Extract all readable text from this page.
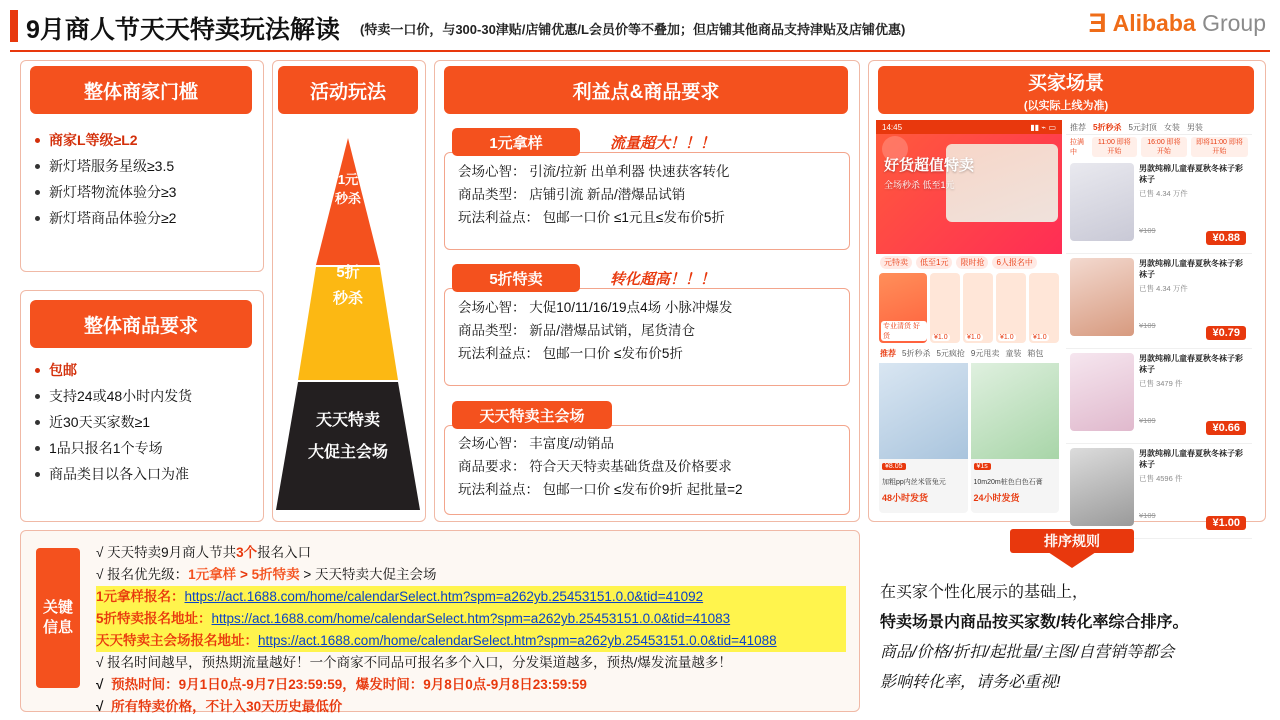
9月商人节天天特卖玩法解读 (特卖一口价，与300-30津贴/店铺优惠/L会员价等不叠加；但店铺其他商品支持津贴及店铺优惠)	Ǝ Alibaba Group
商家L等级≥L2
新灯塔服务星级≥3.5
新灯塔物流体验分≥3
新灯塔商品体验分≥2
整体商家门槛
包邮
支持24或48小时内发货
近30天买家数≥1
1品只报名1个专场
商品类目以各入口为准
整体商品要求
活动玩法
1元
秒杀
5折
秒杀
天天特卖
大促主会场
利益点&商品要求
1元拿样	流量超大！！！
会场心智： 引流/拉新 出单利器 快速获客转化
商品类型： 店铺引流 新品/潜爆品试销
玩法利益点： 包邮一口价 ≤1元且≤发布价5折
5折特卖	转化超高！！！
会场心智： 大促10/11/16/19点4场 小脉冲爆发
商品类型： 新品/潜爆品试销，尾货清仓
玩法利益点： 包邮一口价 ≤发布价5折
天天特卖主会场
会场心智： 丰富度/动销品
商品要求： 符合天天特卖基础货盘及价格要求
玩法利益点： 包邮一口价 ≤发布价9折 起批量=2
买家场景
(以实际上线为准)
14:45	▮▮ ⌁ ▭
好货超值特卖
全场秒杀 低至1元
元特卖	低至1元	限时抢	6人报名中
专业清货 好货	¥1.0	¥1.0	¥1.0	¥1.0
推荐 5折秒杀 5元疯抢 9元甩卖 童装 箱包
¥8.05
加粗pp内丝米管兔元
48小时发货
¥1s
10m20m桩色白色石膏
24小时发货
推荐 5折秒杀 5元封顶 女装 男装
拉满中
11:00 即将开始
16:00 即将开始
即将11:00 即将开始
男款纯棉儿童春夏秋冬袜子彩袜子
已售 4.34 万件
¥109
¥0.88
男款纯棉儿童春夏秋冬袜子彩袜子
已售 4.34 万件
¥109
¥0.79
男款纯棉儿童春夏秋冬袜子彩袜子
已售 3479 件
¥109
¥0.66
男款纯棉儿童春夏秋冬袜子彩袜子
已售 4596 件
¥109
¥1.00
关键信息
√ 天天特卖9月商人节共3个报名入口
√ 报名优先级：1元拿样 > 5折特卖 > 天天特卖大促主会场
1元拿样报名：https://act.1688.com/home/calendarSelect.htm?spm=a262yb.25453151.0.0&tid=41092
5折特卖报名地址：https://act.1688.com/home/calendarSelect.htm?spm=a262yb.25453151.0.0&tid=41083
天天特卖主会场报名地址：https://act.1688.com/home/calendarSelect.htm?spm=a262yb.25453151.0.0&tid=41088
√ 报名时间越早，预热期流量越好！一个商家不同品可报名多个入口，分发渠道越多，预热/爆发流量越多！
√ 预热时间：9月1日0点-9月7日23:59:59，爆发时间：9月8日0点-9月8日23:59:59
√ 所有特卖价格，不计入30天历史最低价
排序规则
在买家个性化展示的基础上，
特卖场景内商品按买家数/转化率综合排序。
商品/价格/折扣/起批量/主图/自营销等都会
影响转化率，请务必重视!
